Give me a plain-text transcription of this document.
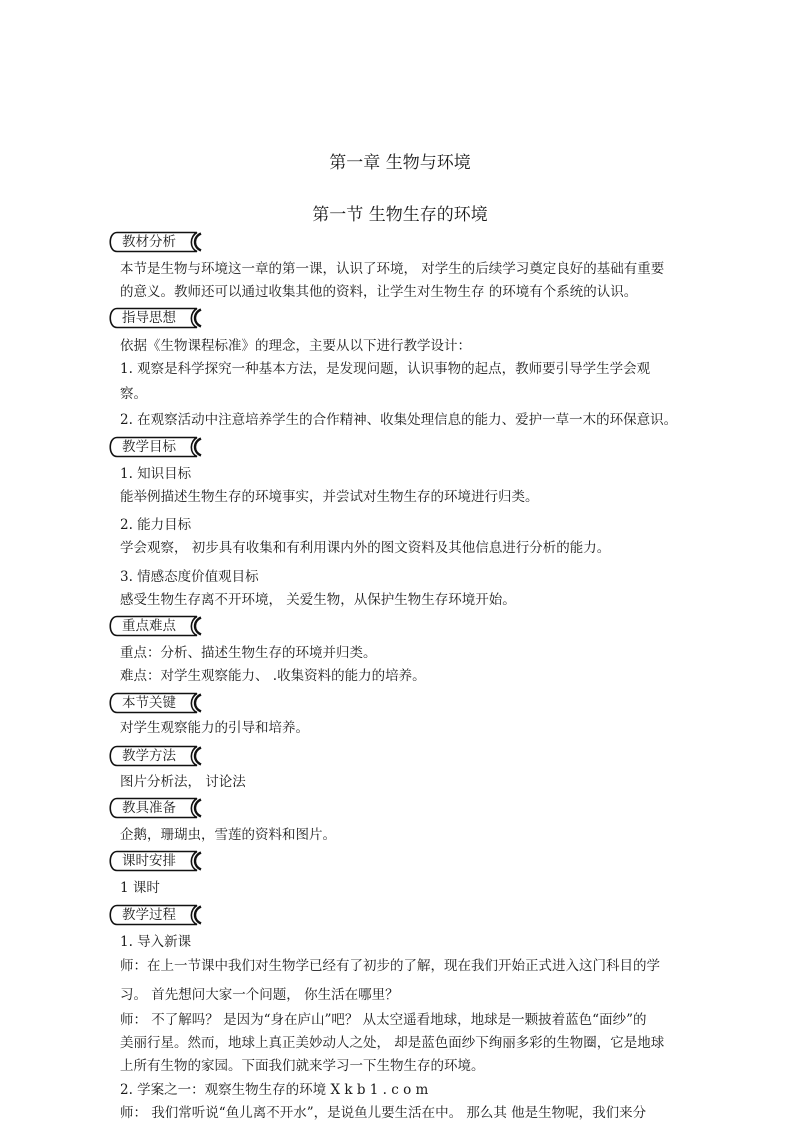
第一章 生物与环境
第一节 生物生存的环境
教材分析
本节是生物与环境这一章的第一课，认识了环境， 对学生的后续学习奠定良好的基础有重要
的意义。教师还可以通过收集其他的资料，让学生对生物生存 的环境有个系统的认识。
指导思想
依据《生物课程标准》的理念，主要从以下进行教学设计：
1. 观察是科学探究一种基本方法，是发现问题，认识事物的起点，教师要引导学生学会观
察。
2. 在观察活动中注意培养学生的合作精神、收集处理信息的能力、爱护一草一木的环保意识。
教学目标
1. 知识目标
能举例描述生物生存的环境事实，并尝试对生物生存的环境进行归类。
2. 能力目标
学会观察， 初步具有收集和有利用课内外的图文资料及其他信息进行分析的能力。
3. 情感态度价值观目标
感受生物生存离不开环境， 关爱生物，从保护生物生存环境开始。
重点难点
重点：分析、描述生物生存的环境并归类。
难点：对学生观察能力、 .收集资料的能力的培养。
本节关键
对学生观察能力的引导和培养。
教学方法
图片分析法， 讨论法
教具准备
企鹅，珊瑚虫，雪莲的资料和图片。
课时安排
1 课时
教学过程
1. 导入新课
师：在上一节课中我们对生物学已经有了初步的了解，现在我们开始正式进入这门科目的学
习。 首先想问大家一个问题， 你生活在哪里？
师： 不了解吗？ 是因为“身在庐山”吧？ 从太空遥看地球，地球是一颗披着蓝色“面纱”的
美丽行星。然而，地球上真正美妙动人之处， 却是蓝色面纱下绚丽多彩的生物圈，它是地球
上所有生物的家园。下面我们就来学习一下生物生存的环境。
2. 学案之一：观察生物生存的环境 X k b 1 . c o m
师： 我们常听说“鱼儿离不开水”，是说鱼儿要生活在中。 那么其 他是生物呢，我们来分
